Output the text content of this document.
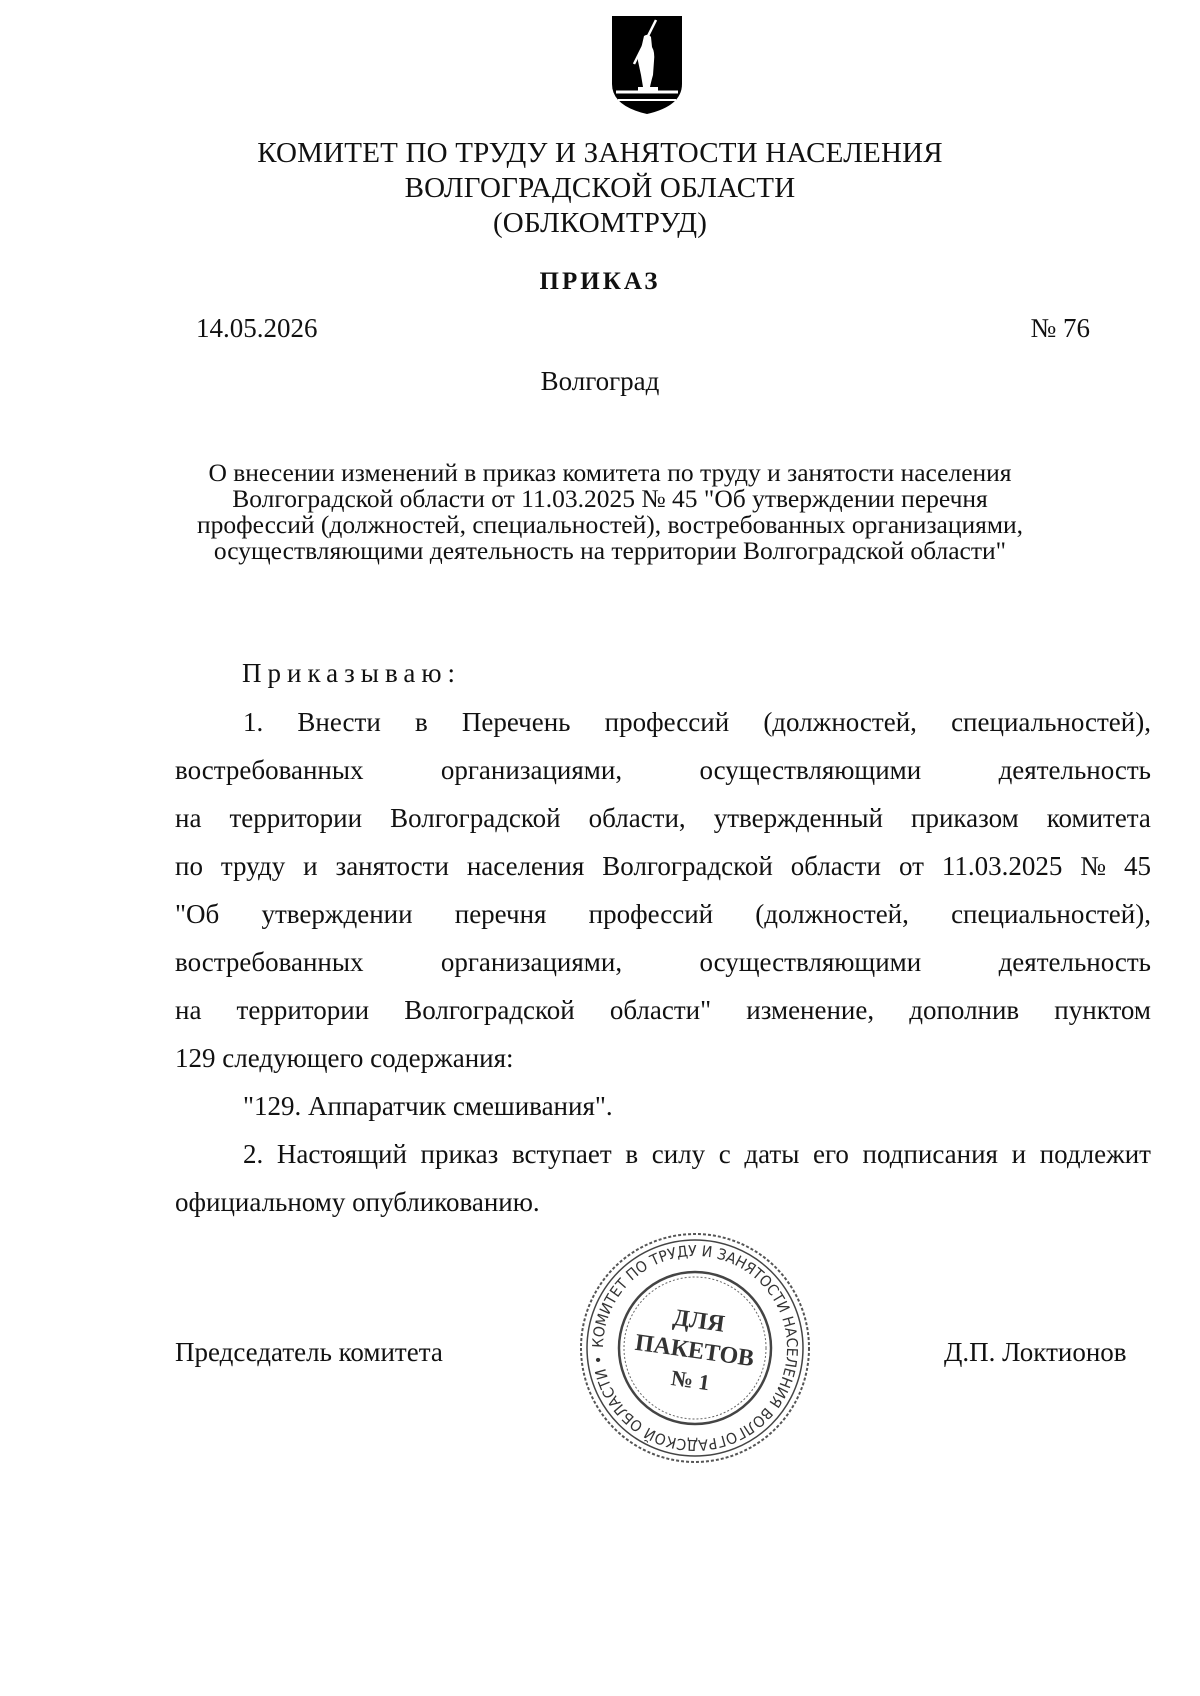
КОМИТЕТ ПО ТРУДУ И ЗАНЯТОСТИ НАСЕЛЕНИЯ
ВОЛГОГРАДСКОЙ ОБЛАСТИ
(ОБЛКОМТРУД)
ПРИКАЗ
14.05.2026	№ 76
Волгоград
О внесении изменений в приказ комитета по труду и занятости населения
Волгоградской области от 11.03.2025 № 45 "Об утверждении перечня
профессий (должностей, специальностей), востребованных организациями,
осуществляющими деятельность на территории Волгоградской области"
Приказываю:
1. Внести в Перечень профессий (должностей, специальностей),
востребованных	организациями,	осуществляющими	деятельность
на территории Волгоградской области, утвержденный приказом комитета
по труду и занятости населения Волгоградской области от 11.03.2025 № 45
"Об утверждении перечня профессий (должностей, специальностей),
востребованных	организациями,	осуществляющими	деятельность
на территории Волгоградской области" изменение, дополнив пунктом
129 следующего содержания:
"129. Аппаратчик смешивания".
2. Настоящий приказ вступает в силу с даты его подписания и подлежит
официальному опубликованию.
Председатель комитета	Д.П. Локтионов
КОМИТЕТ ПО ТРУДУ И ЗАНЯТОСТИ НАСЕЛЕНИЯ ВОЛГОГРАДСКОЙ ОБЛАСТИ •
ДЛЯ
ПАКЕТОВ
№ 1
